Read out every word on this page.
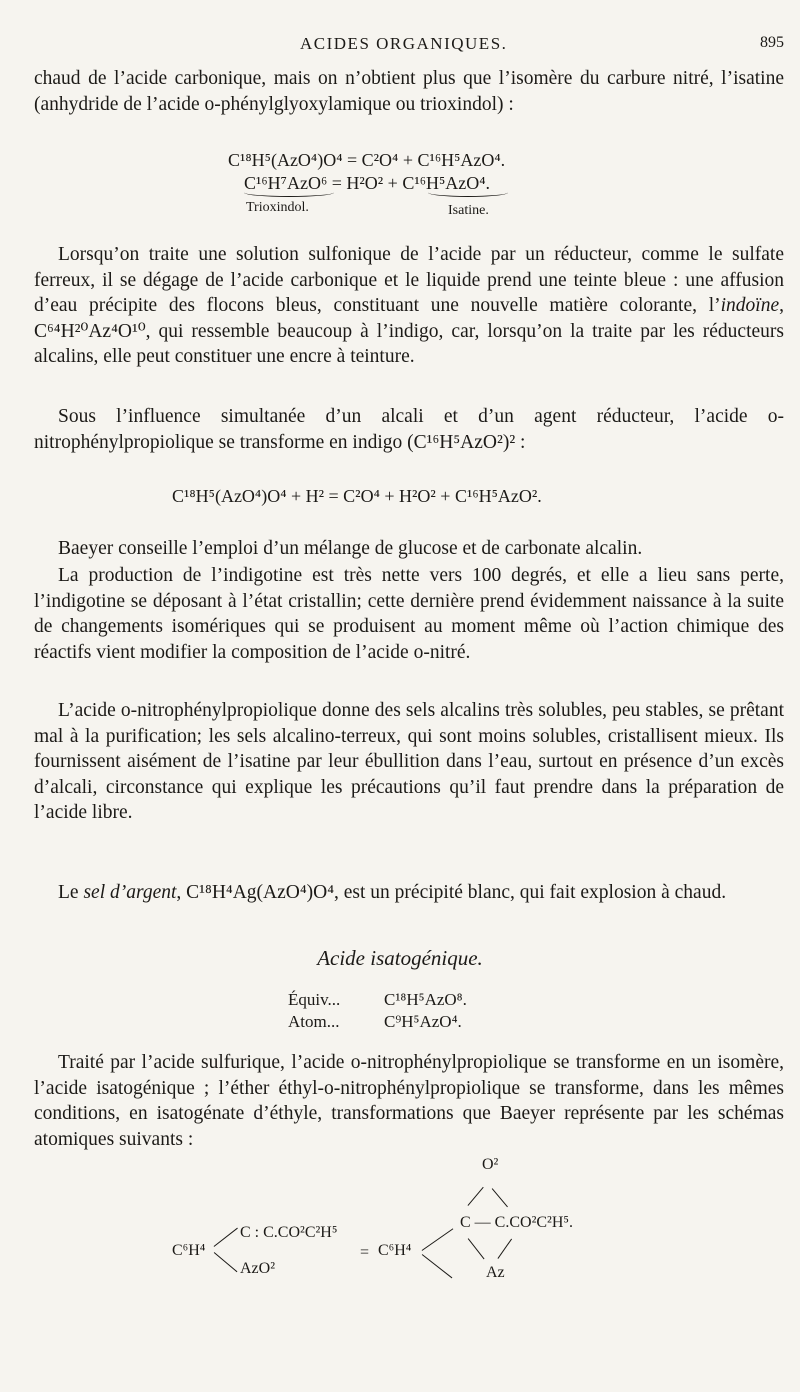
ACIDES ORGANIQUES.	895
chaud de l’acide carbonique, mais on n’obtient plus que l’isomère du carbure nitré, l’isatine (anhydride de l’acide o-phénylglyoxylamique ou trioxindol) :
C¹⁸H⁵(AzO⁴)O⁴ = C²O⁴ + C¹⁶H⁵AzO⁴.
C¹⁶H⁷AzO⁶ = H²O² + C¹⁶H⁵AzO⁴.
Trioxindol.	Isatine.
Lorsqu’on traite une solution sulfonique de l’acide par un réducteur, comme le sulfate ferreux, il se dégage de l’acide carbonique et le liquide prend une teinte bleue : une affusion d’eau précipite des flocons bleus, constituant une nouvelle matière colorante, l’indoïne, C⁶⁴H²⁰Az⁴O¹⁰, qui ressemble beaucoup à l’indigo, car, lorsqu’on la traite par les réducteurs alcalins, elle peut constituer une encre à teinture.
Sous l’influence simultanée d’un alcali et d’un agent réducteur, l’acide o-nitrophénylpropiolique se transforme en indigo (C¹⁶H⁵AzO²)² :
C¹⁸H⁵(AzO⁴)O⁴ + H² = C²O⁴ + H²O² + C¹⁶H⁵AzO².
Baeyer conseille l’emploi d’un mélange de glucose et de carbonate alcalin.
La production de l’indigotine est très nette vers 100 degrés, et elle a lieu sans perte, l’indigotine se déposant à l’état cristallin; cette dernière prend évidemment naissance à la suite de changements isomériques qui se produisent au moment même où l’action chimique des réactifs vient modifier la composition de l’acide o-nitré.
L’acide o-nitrophénylpropiolique donne des sels alcalins très solubles, peu stables, se prêtant mal à la purification; les sels alcalino-terreux, qui sont moins solubles, cristallisent mieux. Ils fournissent aisément de l’isatine par leur ébullition dans l’eau, surtout en présence d’un excès d’alcali, circonstance qui explique les précautions qu’il faut prendre dans la préparation de l’acide libre.
Le sel d’argent, C¹⁸H⁴Ag(AzO⁴)O⁴, est un précipité blanc, qui fait explosion à chaud.
Acide isatogénique.
Équiv...	C¹⁸H⁵AzO⁸.
Atom...	C⁹H⁵AzO⁴.
Traité par l’acide sulfurique, l’acide o-nitrophénylpropiolique se transforme en un isomère, l’acide isatogénique ; l’éther éthyl-o-nitrophénylpropiolique se transforme, dans les mêmes conditions, en isatogénate d’éthyle, transformations que Baeyer représente par les schémas atomiques suivants :
C⁶H⁴
C : C.CO²C²H⁵
AzO²
= C⁶H⁴
O²
C — C.CO²C²H⁵.
Az
